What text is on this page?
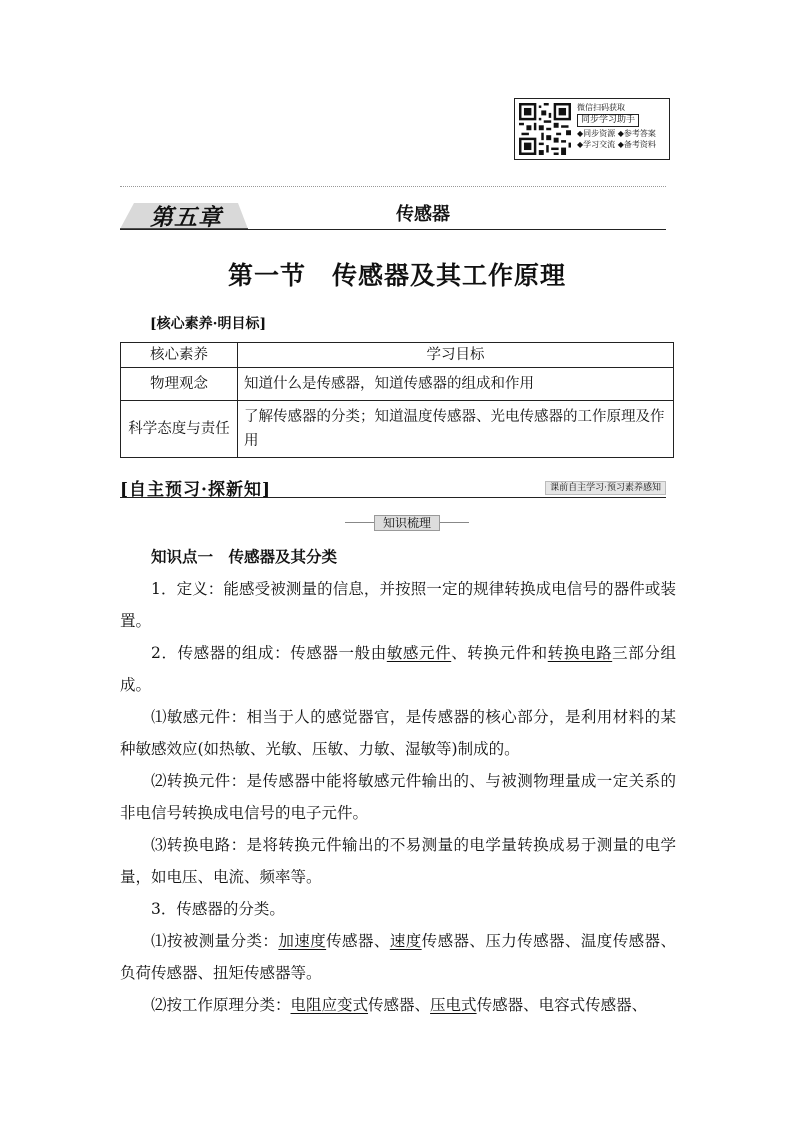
微信扫码获取
同步学习助手
◆同步资源 ◆参考答案
◆学习交流 ◆备考资料
第五章	传感器
第一节　传感器及其工作原理
[核心素养·明目标]
核心素养	学习目标
物理观念	知道什么是传感器，知道传感器的组成和作用
科学态度与责任	了解传感器的分类；知道温度传感器、光电传感器的工作原理及作用
[自主预习·探新知]	课前自主学习·预习素养感知
知识梳理

知识点一　传感器及其分类

1．定义：能感受被测量的信息，并按照一定的规律转换成电信号的器件或装置。

2．传感器的组成：传感器一般由敏感元件、转换元件和转换电路三部分组成。

⑴敏感元件：相当于人的感觉器官，是传感器的核心部分，是利用材料的某种敏感效应(如热敏、光敏、压敏、力敏、湿敏等)制成的。

⑵转换元件：是传感器中能将敏感元件输出的、与被测物理量成一定关系的非电信号转换成电信号的电子元件。

⑶转换电路：是将转换元件输出的不易测量的电学量转换成易于测量的电学量，如电压、电流、频率等。

3．传感器的分类。

⑴按被测量分类：加速度传感器、速度传感器、压力传感器、温度传感器、负荷传感器、扭矩传感器等。

⑵按工作原理分类：电阻应变式传感器、压电式传感器、电容式传感器、
